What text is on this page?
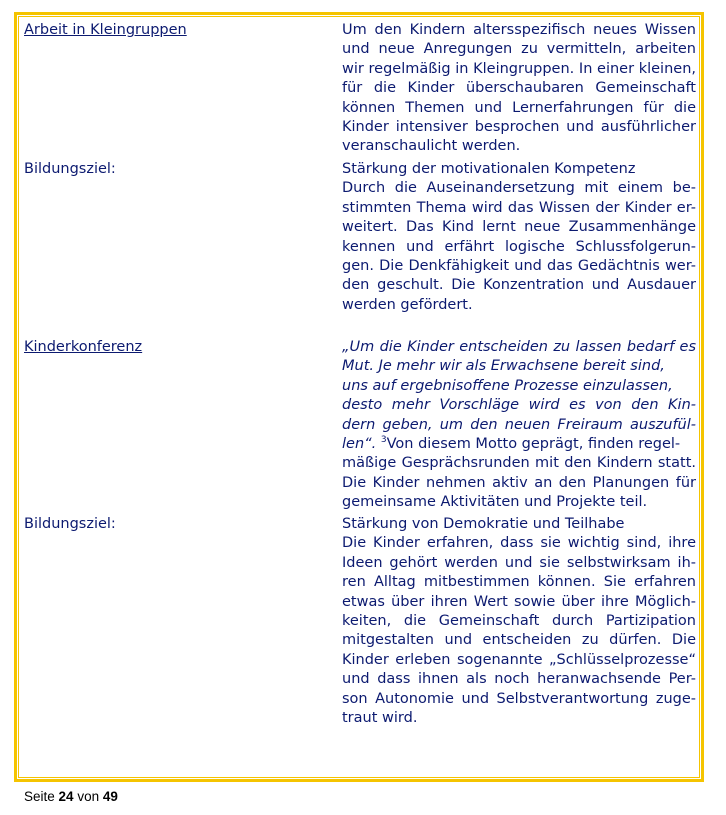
Arbeit in Kleingruppen	Um den Kindern altersspezifisch neues Wissen
und neue Anregungen zu vermitteln, arbeiten
wir regelmäßig in Kleingruppen. In einer kleinen,
für die Kinder überschaubaren Gemeinschaft
können Themen und Lernerfahrungen für die
Kinder intensiver besprochen und ausführlicher
veranschaulicht werden.
Bildungsziel:	Stärkung der motivationalen Kompetenz
Durch die Auseinandersetzung mit einem be-
stimmten Thema wird das Wissen der Kinder er-
weitert. Das Kind lernt neue Zusammenhänge
kennen und erfährt logische Schlussfolgerun-
gen. Die Denkfähigkeit und das Gedächtnis wer-
den geschult. Die Konzentration und Ausdauer
werden gefördert.
Kinderkonferenz	„Um die Kinder entscheiden zu lassen bedarf es
Mut. Je mehr wir als Erwachsene bereit sind,
uns auf ergebnisoffene Prozesse einzulassen,
desto mehr Vorschläge wird es von den Kin-
dern geben, um den neuen Freiraum auszufül-
len“. $^3$Von diesem Motto geprägt, finden regel-
mäßige Gesprächsrunden mit den Kindern statt.
Die Kinder nehmen aktiv an den Planungen für
gemeinsame Aktivitäten und Projekte teil.
Bildungsziel:	Stärkung von Demokratie und Teilhabe
Die Kinder erfahren, dass sie wichtig sind, ihre
Ideen gehört werden und sie selbstwirksam ih-
ren Alltag mitbestimmen können. Sie erfahren
etwas über ihren Wert sowie über ihre Möglich-
keiten, die Gemeinschaft durch Partizipation
mitgestalten und entscheiden zu dürfen. Die
Kinder erleben sogenannte „Schlüsselprozesse“
und dass ihnen als noch heranwachsende Per-
son Autonomie und Selbstverantwortung zuge-
traut wird.
Seite 24 von 49
